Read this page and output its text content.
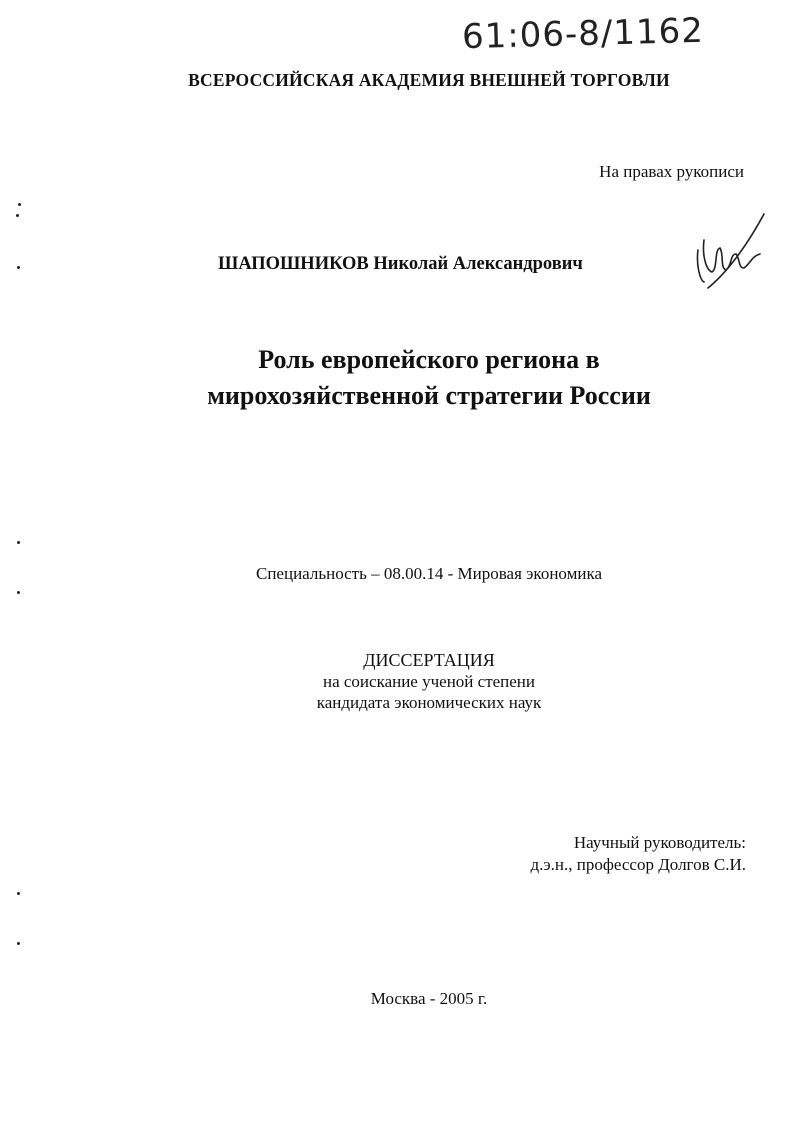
61:06-8/1162
ВСЕРОССИЙСКАЯ АКАДЕМИЯ ВНЕШНЕЙ ТОРГОВЛИ
На правах рукописи
ШАПОШНИКОВ Николай Александрович
Роль европейского региона в
мирохозяйственной стратегии России
Специальность – 08.00.14 - Мировая экономика
ДИССЕРТАЦИЯ
на соискание ученой степени
кандидата экономических наук
Научный руководитель:
д.э.н., профессор Долгов С.И.
Москва - 2005 г.
